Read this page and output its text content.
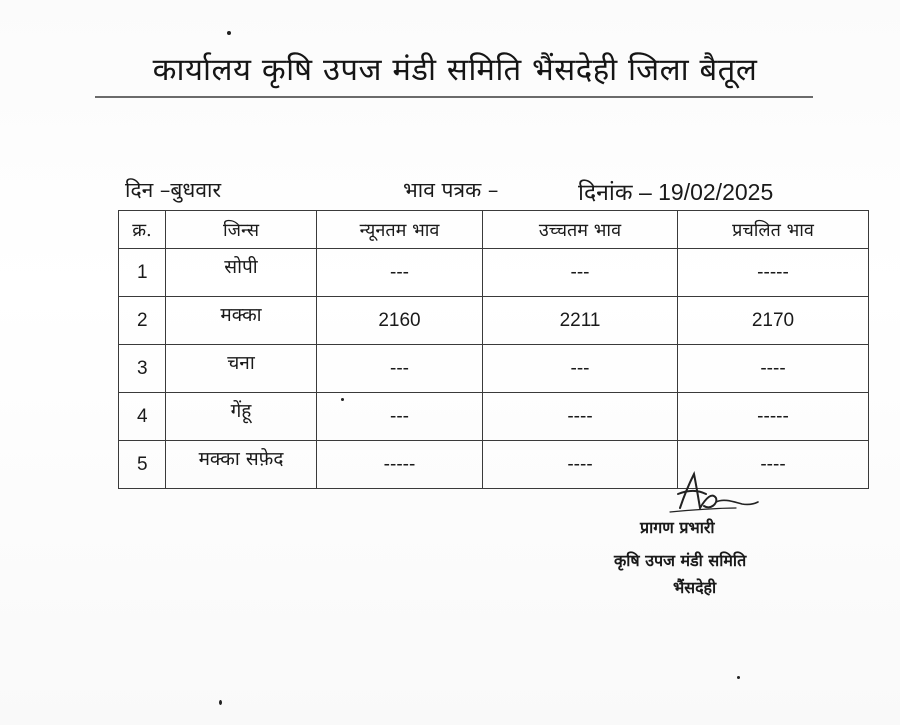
कार्यालय कृषि उपज मंडी समिति भैंसदेही जिला बैतूल
दिन –बुधवार	भाव पत्रक –	दिनांक – 19/02/2025
क्र.	जिन्स	न्यूनतम भाव	उच्चतम भाव	प्रचलित भाव
1	सोपी	---	---	-----
2	मक्का	2160	2211	2170
3	चना	---	---	----
4	गेंहू	---	----	-----
5	मक्का सफ़ेद	-----	----	----
प्रागण प्रभारी
कृषि उपज मंडी समिति
भैंसदेही
